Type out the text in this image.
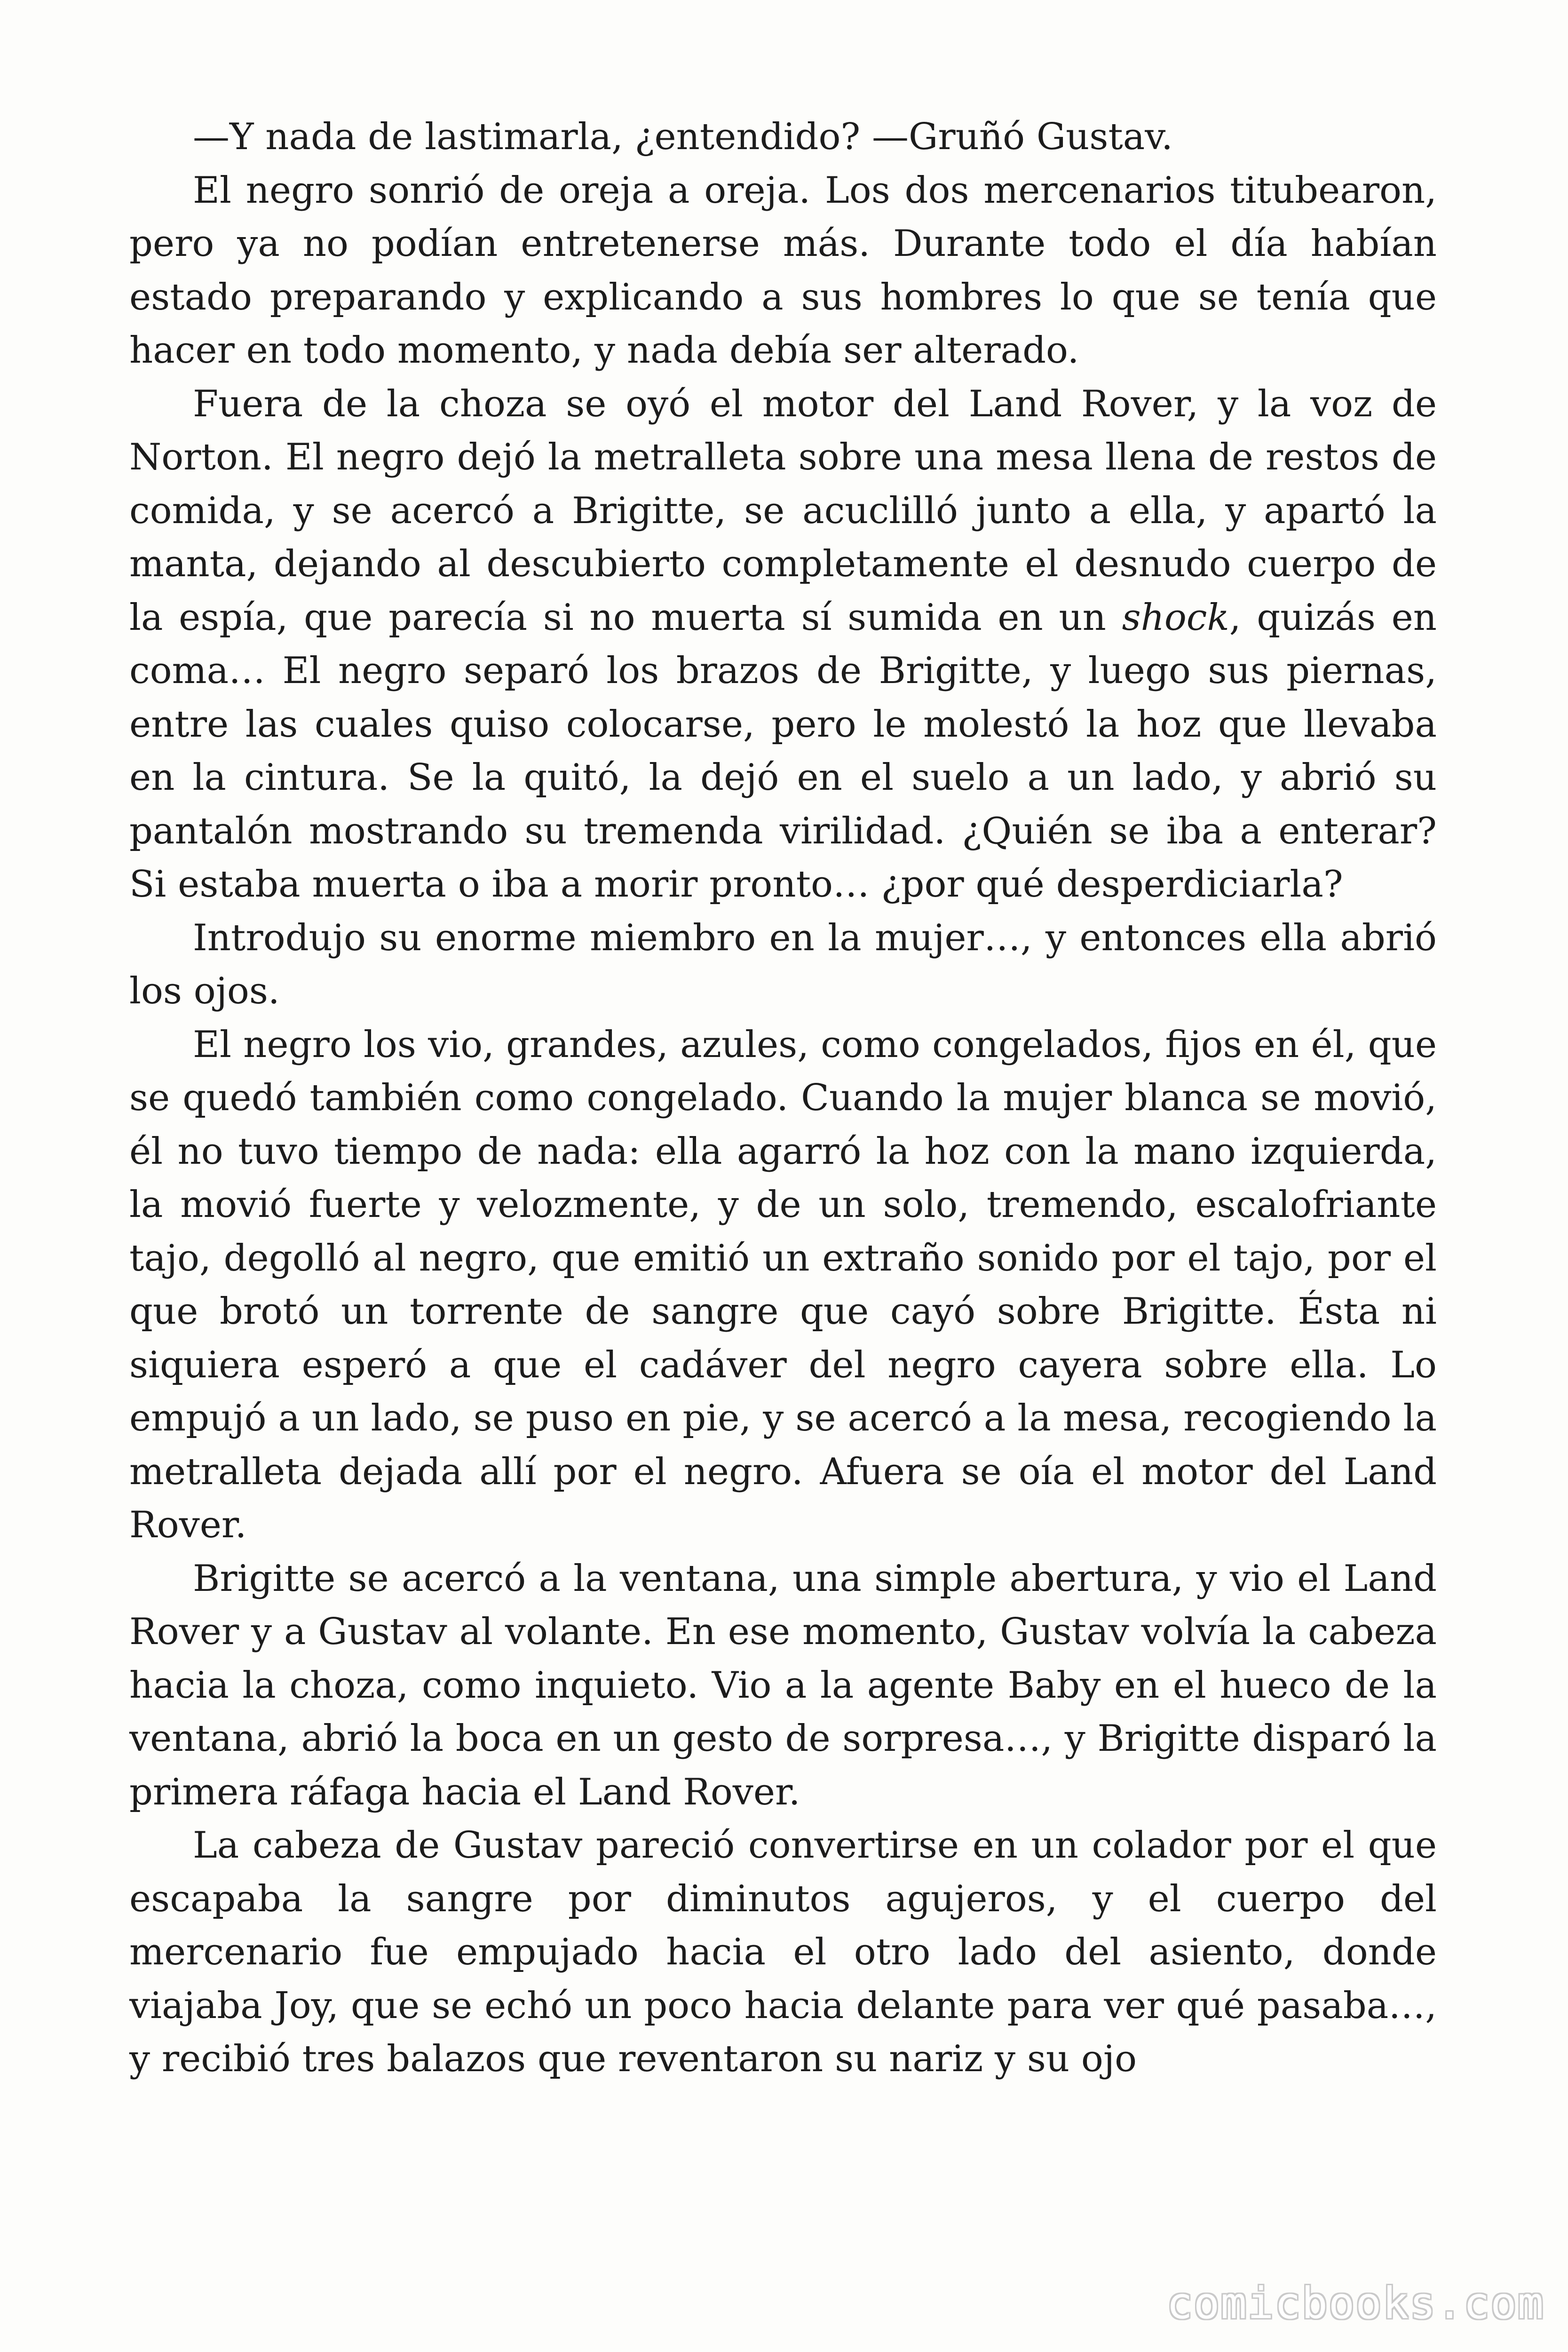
—Y nada de lastimarla, ¿entendido? —Gruñó Gustav.

El negro sonrió de oreja a oreja. Los dos mercenarios titubearon, pero ya no podían entretenerse más. Durante todo el día habían estado preparando y explicando a sus hombres lo que se tenía que hacer en todo momento, y nada debía ser alterado.

Fuera de la choza se oyó el motor del Land Rover, y la voz de Norton. El negro dejó la metralleta sobre una mesa llena de restos de comida, y se acercó a Brigitte, se acuclilló junto a ella, y apartó la manta, dejando al descubierto completamente el desnudo cuerpo de la espía, que parecía si no muerta sí sumida en un shock, quizás en coma… El negro separó los brazos de Brigitte, y luego sus piernas, entre las cuales quiso colocarse, pero le molestó la hoz que llevaba en la cintura. Se la quitó, la dejó en el suelo a un lado, y abrió su pantalón mostrando su tremenda virilidad. ¿Quién se iba a enterar? Si estaba muerta o iba a morir pronto… ¿por qué desperdiciarla?

Introdujo su enorme miembro en la mujer…, y entonces ella abrió los ojos.

El negro los vio, grandes, azules, como congelados, fijos en él, que se quedó también como congelado. Cuando la mujer blanca se movió, él no tuvo tiempo de nada: ella agarró la hoz con la mano izquierda, la movió fuerte y velozmente, y de un solo, tremendo, escalofriante tajo, degolló al negro, que emitió un extraño sonido por el tajo, por el que brotó un torrente de sangre que cayó sobre Brigitte. Ésta ni siquiera esperó a que el cadáver del negro cayera sobre ella. Lo empujó a un lado, se puso en pie, y se acercó a la mesa, recogiendo la metralleta dejada allí por el negro. Afuera se oía el motor del Land Rover.

Brigitte se acercó a la ventana, una simple abertura, y vio el Land Rover y a Gustav al volante. En ese momento, Gustav volvía la cabeza hacia la choza, como inquieto. Vio a la agente Baby en el hueco de la ventana, abrió la boca en un gesto de sorpresa…, y Brigitte disparó la primera ráfaga hacia el Land Rover.

La cabeza de Gustav pareció convertirse en un colador por el que escapaba la sangre por diminutos agujeros, y el cuerpo del mercenario fue empujado hacia el otro lado del asiento, donde viajaba Joy, que se echó un poco hacia delante para ver qué pasaba…, y recibió tres balazos que reventaron su nariz y su ojo

comicbooks.com
